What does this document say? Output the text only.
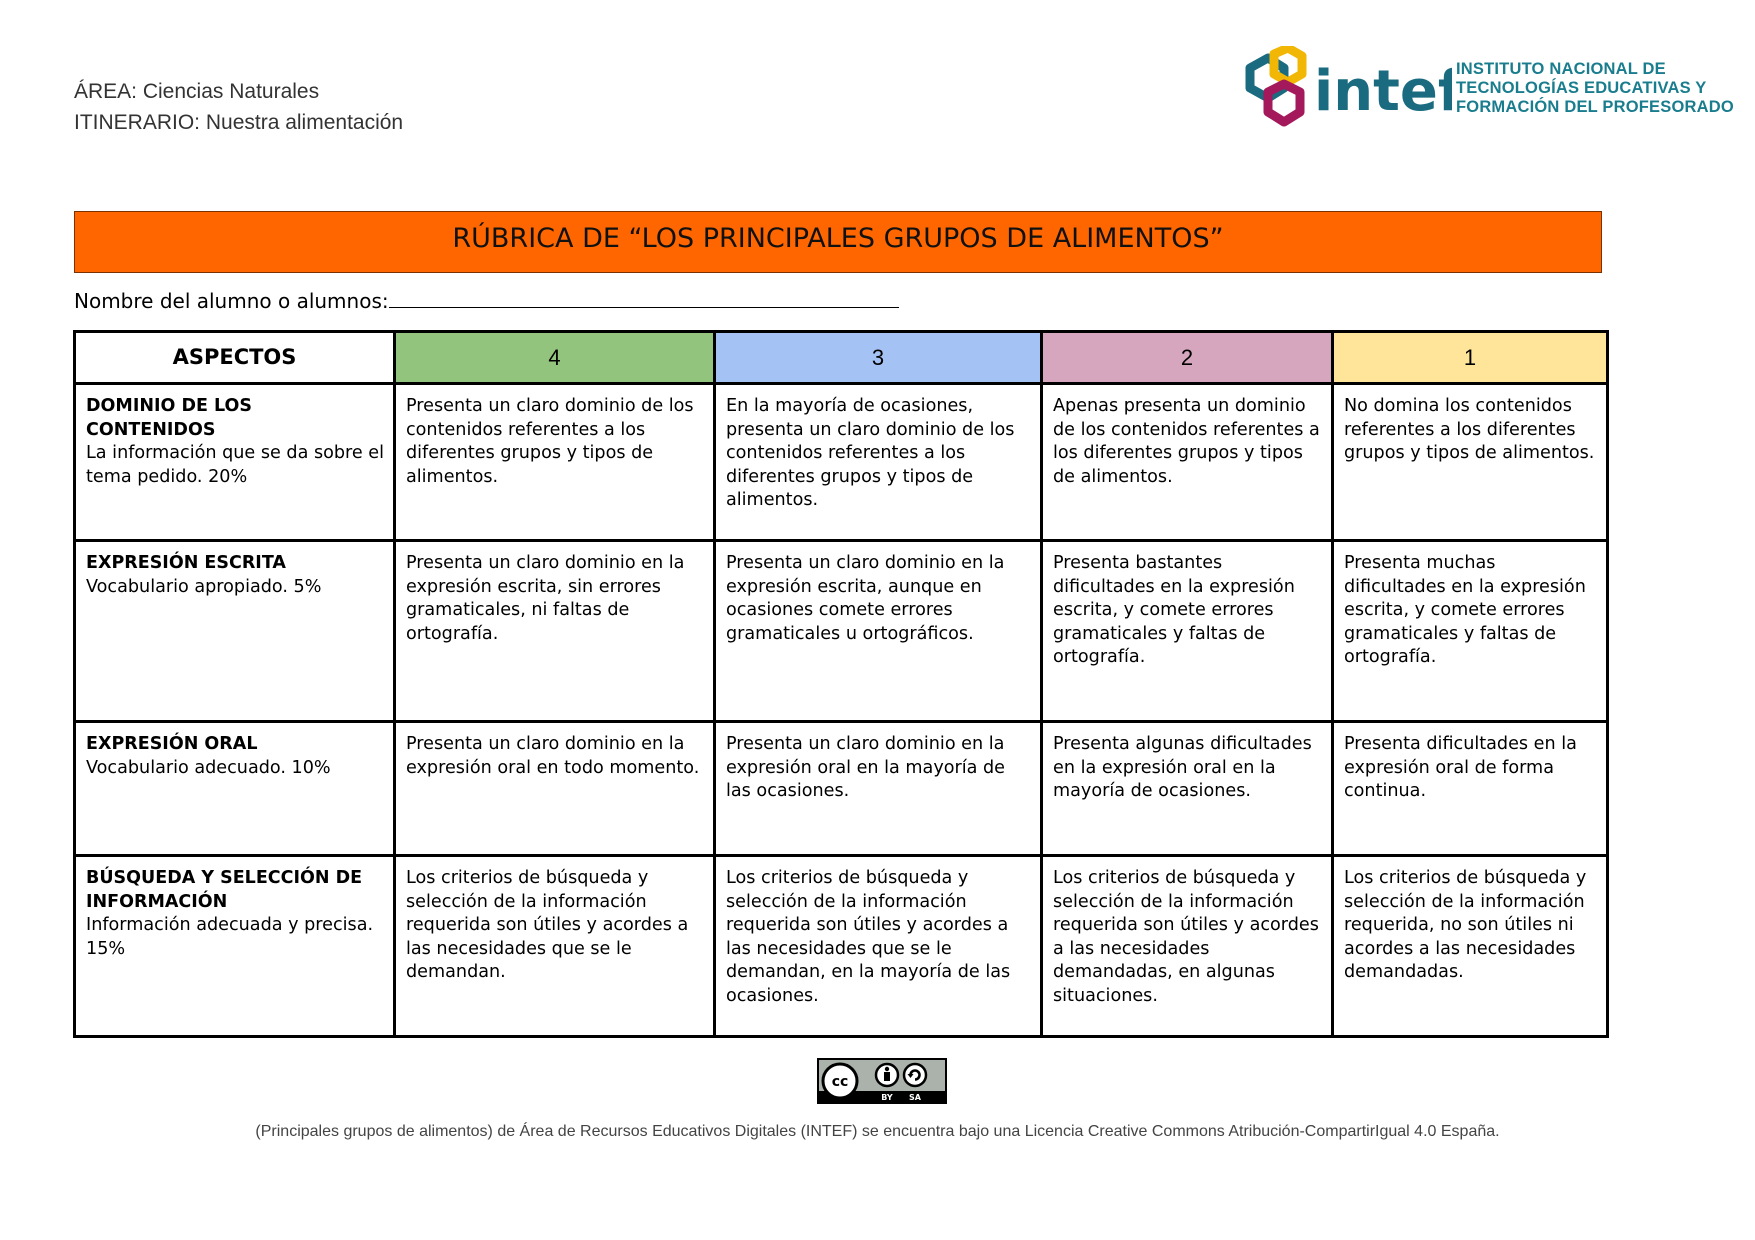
ÁREA: Ciencias Naturales
ITINERARIO: Nuestra alimentación	intef
INSTITUTO NACIONAL DE
TECNOLOGÍAS EDUCATIVAS Y
FORMACIÓN DEL PROFESORADO
RÚBRICA DE “LOS PRINCIPALES GRUPOS DE ALIMENTOS”
Nombre del alumno o alumnos:
ASPECTOS	4	3	2	1

DOMINIO DE LOS CONTENIDOS
La información que se da sobre el tema pedido. 20%	Presenta un claro dominio de los contenidos referentes a los diferentes grupos y tipos de alimentos.	En la mayoría de ocasiones, presenta un claro dominio de los contenidos referentes a los diferentes grupos y tipos de alimentos.	Apenas presenta un dominio de los contenidos referentes a los diferentes grupos y tipos de alimentos.	No domina los contenidos referentes a los diferentes grupos y tipos de alimentos.

EXPRESIÓN ESCRITA
Vocabulario apropiado. 5%	Presenta un claro dominio en la expresión escrita, sin errores gramaticales, ni faltas de ortografía.	Presenta un claro dominio en la expresión escrita, aunque en ocasiones comete errores gramaticales u ortográficos.	Presenta bastantes dificultades en la expresión escrita, y comete errores gramaticales y faltas de ortografía.	Presenta muchas dificultades en la expresión escrita, y comete errores gramaticales y faltas de ortografía.

EXPRESIÓN ORAL
Vocabulario adecuado. 10%	Presenta un claro dominio en la expresión oral en todo momento.	Presenta un claro dominio en la expresión oral en la mayoría de las ocasiones.	Presenta algunas dificultades en la expresión oral en la mayoría de ocasiones.	Presenta dificultades en la expresión oral de forma continua.

BÚSQUEDA Y SELECCIÓN DE INFORMACIÓN
Información adecuada y precisa. 15%	Los criterios de búsqueda y selección de la información requerida son útiles y acordes a las necesidades que se le demandan.	Los criterios de búsqueda y selección de la información requerida son útiles y acordes a las necesidades que se le demandan, en la mayoría de las ocasiones.	Los criterios de búsqueda y selección de la información requerida son útiles y acordes a las necesidades demandadas, en algunas situaciones.	Los criterios de búsqueda y selección de la información requerida, no son útiles ni acordes a las necesidades demandadas.
cc
BY SA
(Principales grupos de alimentos) de Área de Recursos Educativos Digitales (INTEF) se encuentra bajo una Licencia Creative Commons Atribución-CompartirIgual 4.0 España.
